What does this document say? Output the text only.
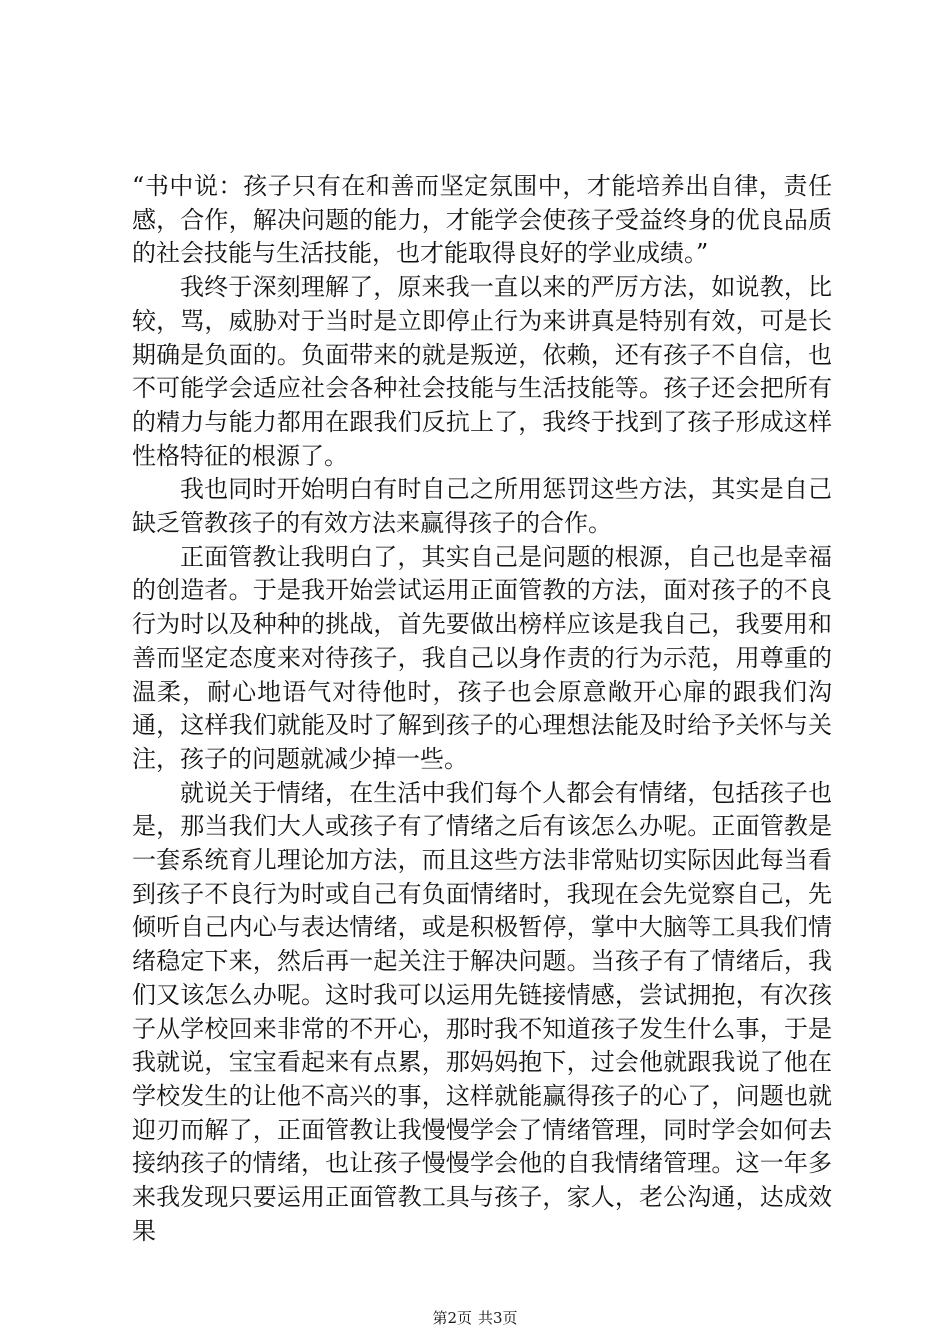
“书中说：孩子只有在和善而坚定氛围中，才能培养出自律，责任感，合作，解决问题的能力，才能学会使孩子受益终身的优良品质的社会技能与生活技能，也才能取得良好的学业成绩。”

我终于深刻理解了，原来我一直以来的严厉方法，如说教，比较，骂，威胁对于当时是立即停止行为来讲真是特别有效，可是长期确是负面的。负面带来的就是叛逆，依赖，还有孩子不自信，也不可能学会适应社会各种社会技能与生活技能等。孩子还会把所有的精力与能力都用在跟我们反抗上了，我终于找到了孩子形成这样性格特征的根源了。

我也同时开始明白有时自己之所用惩罚这些方法，其实是自己缺乏管教孩子的有效方法来赢得孩子的合作。

正面管教让我明白了，其实自己是问题的根源，自己也是幸福的创造者。于是我开始尝试运用正面管教的方法，面对孩子的不良行为时以及种种的挑战，首先要做出榜样应该是我自己，我要用和善而坚定态度来对待孩子，我自己以身作责的行为示范，用尊重的温柔，耐心地语气对待他时，孩子也会原意敞开心扉的跟我们沟通，这样我们就能及时了解到孩子的心理想法能及时给予关怀与关注，孩子的问题就减少掉一些。

就说关于情绪，在生活中我们每个人都会有情绪，包括孩子也是，那当我们大人或孩子有了情绪之后有该怎么办呢。正面管教是一套系统育儿理论加方法，而且这些方法非常贴切实际因此每当看到孩子不良行为时或自己有负面情绪时，我现在会先觉察自己，先倾听自己内心与表达情绪，或是积极暂停，掌中大脑等工具我们情绪稳定下来，然后再一起关注于解决问题。当孩子有了情绪后，我们又该怎么办呢。这时我可以运用先链接情感，尝试拥抱，有次孩子从学校回来非常的不开心，那时我不知道孩子发生什么事，于是我就说，宝宝看起来有点累，那妈妈抱下，过会他就跟我说了他在学校发生的让他不高兴的事，这样就能赢得孩子的心了，问题也就迎刃而解了，正面管教让我慢慢学会了情绪管理，同时学会如何去接纳孩子的情绪，也让孩子慢慢学会他的自我情绪管理。这一年多来我发现只要运用正面管教工具与孩子，家人，老公沟通，达成效果

第2页 共3页
